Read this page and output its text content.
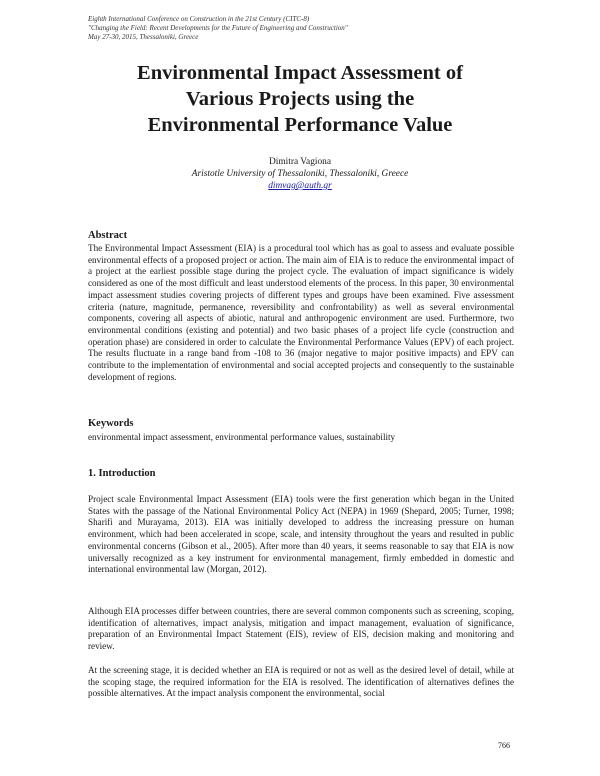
Eighth International Conference on Construction in the 21st Century (CITC-8)
"Changing the Field: Recent Developments for the Future of Engineering and Construction"
May 27-30, 2015, Thessaloniki, Greece
Environmental Impact Assessment of
Various Projects using the
Environmental Performance Value
Dimitra Vagiona
Aristotle University of Thessaloniki, Thessaloniki, Greece
dimvag@auth.gr
Abstract
The Environmental Impact Assessment (EIA) is a procedural tool which has as goal to assess and evaluate possible environmental effects of a proposed project or action. The main aim of EIA is to reduce the environmental impact of a project at the earliest possible stage during the project cycle. The evaluation of impact significance is widely considered as one of the most difficult and least understood elements of the process. In this paper, 30 environmental impact assessment studies covering projects of different types and groups have been examined. Five assessment criteria (nature, magnitude, permanence, reversibility and confrontability) as well as several environmental components, covering all aspects of abiotic, natural and anthropogenic environment are used. Furthermore, two environmental conditions (existing and potential) and two basic phases of a project life cycle (construction and operation phase) are considered in order to calculate the Environmental Performance Values (EPV) of each project. The results fluctuate in a range band from -108 to 36 (major negative to major positive impacts) and EPV can contribute to the implementation of environmental and social accepted projects and consequently to the sustainable development of regions.
Keywords
environmental impact assessment, environmental performance values, sustainability
1. Introduction
Project scale Environmental Impact Assessment (EIA) tools were the first generation which began in the United States with the passage of the National Environmental Policy Act (NEPA) in 1969 (Shepard, 2005; Turner, 1998; Sharifi and Murayama, 2013). EIA was initially developed to address the increasing pressure on human environment, which had been accelerated in scope, scale, and intensity throughout the years and resulted in public environmental concerns (Gibson et al., 2005). After more than 40 years, it seems reasonable to say that EIA is now universally recognized as a key instrument for environmental management, firmly embedded in domestic and international environmental law (Morgan, 2012).
Although EIA processes differ between countries, there are several common components such as screening, scoping, identification of alternatives, impact analysis, mitigation and impact management, evaluation of significance, preparation of an Environmental Impact Statement (EIS), review of EIS, decision making and monitoring and review.
At the screening stage, it is decided whether an EIA is required or not as well as the desired level of detail, while at the scoping stage, the required information for the EIA is resolved. The identification of alternatives defines the possible alternatives. At the impact analysis component the environmental, social
766
